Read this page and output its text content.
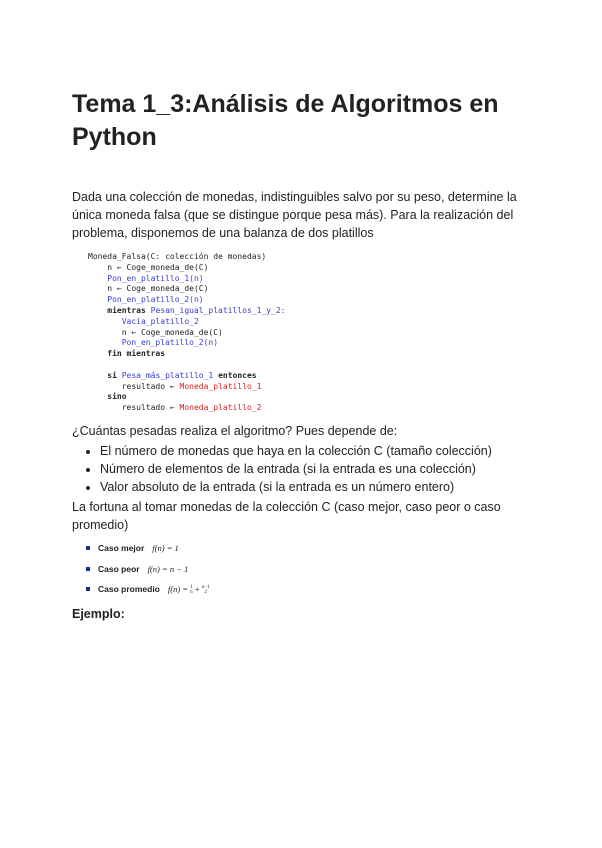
Tema 1_3:Análisis de Algoritmos en Python

Dada una colección de monedas, indistinguibles salvo por su peso, determine la única moneda falsa (que se distingue porque pesa más). Para la realización del problema, disponemos de una balanza de dos platillos

Moneda_Falsa(C: colección de monedas)
n ← Coge_moneda_de(C)
Pon_en_platillo_1(n)
n ← Coge_moneda_de(C)
Pon_en_platillo_2(n)
mientras Pesan_igual_platillos_1_y_2:
Vacía_platillo_2
n ← Coge_moneda_de(C)
Pon_en_platillo_2(n)
fin mientras

si Pesa_más_platillo_1 entonces
resultado ← Moneda_platillo_1
sino
resultado ← Moneda_platillo_2

¿Cuántas pesadas realiza el algoritmo? Pues depende de:

• El número de monedas que haya en la colección C (tamaño colección)
• Número de elementos de la entrada (si la entrada es una colección)
• Valor absoluto de la entrada (si la entrada es un número entero)

La fortuna al tomar monedas de la colección C (caso mejor, caso peor o caso promedio)

Caso mejor f(n) = 1
Caso peor f(n) = n − 1
Caso promedio f(n) = 1
n + n−1
2

Ejemplo:
